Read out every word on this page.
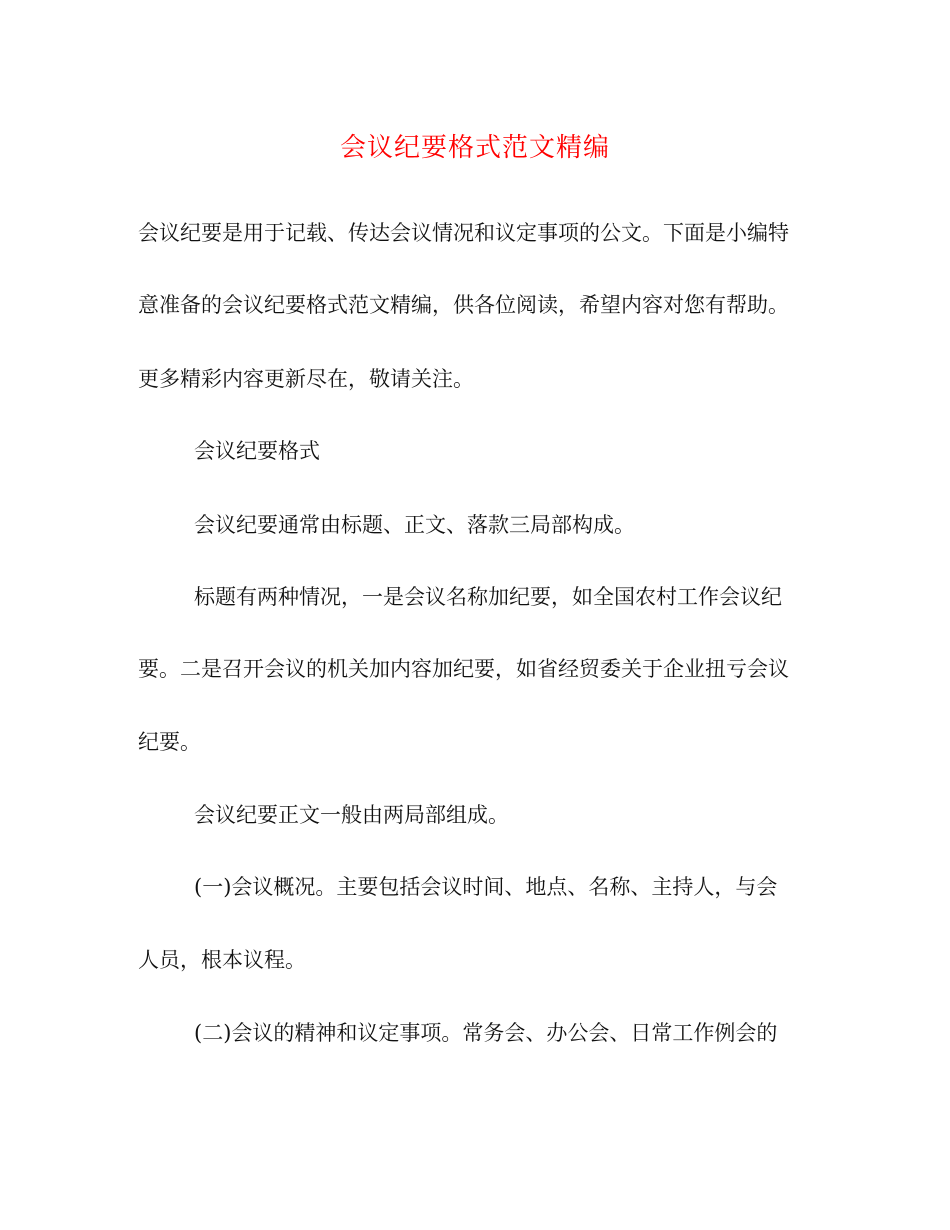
会议纪要格式范文精编
会议纪要是用于记载、传达会议情况和议定事项的公文。下面是小编特
意准备的会议纪要格式范文精编，供各位阅读，希望内容对您有帮助。
更多精彩内容更新尽在，敬请关注。
会议纪要格式
会议纪要通常由标题、正文、落款三局部构成。
标题有两种情况，一是会议名称加纪要，如全国农村工作会议纪
要。二是召开会议的机关加内容加纪要，如省经贸委关于企业扭亏会议
纪要。
会议纪要正文一般由两局部组成。
(一)会议概况。主要包括会议时间、地点、名称、主持人，与会
人员，根本议程。
(二)会议的精神和议定事项。常务会、办公会、日常工作例会的
